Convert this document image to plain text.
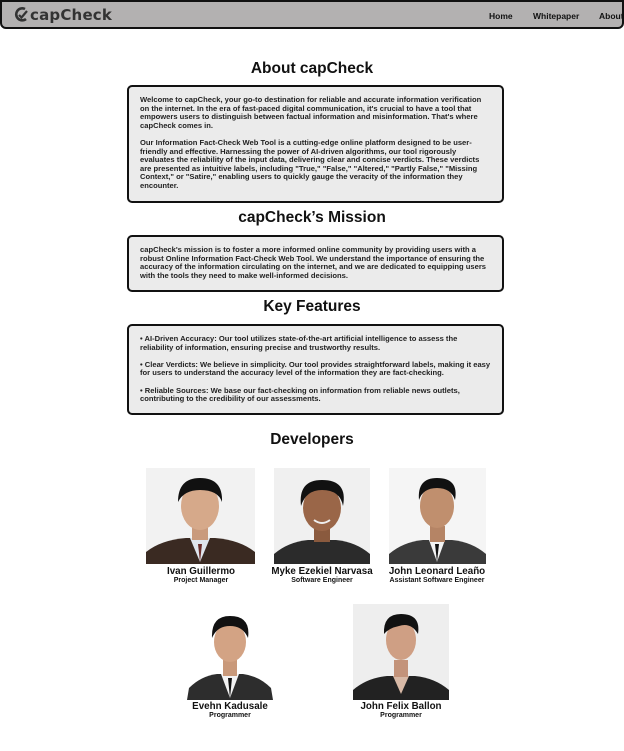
capCheck	Home Whitepaper About
About capCheck

Welcome to capCheck, your go-to destination for reliable and accurate information verification on the internet. In the era of fast-paced digital communication, it's crucial to have a tool that empowers users to distinguish between factual information and misinformation. That's where capCheck comes in.

Our Information Fact-Check Web Tool is a cutting-edge online platform designed to be user-friendly and effective. Harnessing the power of AI-driven algorithms, our tool rigorously evaluates the reliability of the input data, delivering clear and concise verdicts. These verdicts are presented as intuitive labels, including "True," "False," "Altered," "Partly False," "Missing Context," or "Satire," enabling users to quickly gauge the veracity of the information they encounter.

capCheck’s Mission

capCheck's mission is to foster a more informed online community by providing users with a robust Online Information Fact-Check Web Tool. We understand the importance of ensuring the accuracy of the information circulating on the internet, and we are dedicated to equipping users with the tools they need to make well-informed decisions.

Key Features

• AI-Driven Accuracy: Our tool utilizes state-of-the-art artificial intelligence to assess the reliability of information, ensuring precise and trustworthy results.

• Clear Verdicts: We believe in simplicity. Our tool provides straightforward labels, making it easy for users to understand the accuracy level of the information they are fact-checking.

• Reliable Sources: We base our fact-checking on information from reliable news outlets, contributing to the credibility of our assessments.

Developers
Ivan Guillermo
Project Manager
Myke Ezekiel Narvasa
Software Engineer
John Leonard Leaño
Assistant Software Engineer
Evehn Kadusale
Programmer
John Felix Ballon
Programmer
